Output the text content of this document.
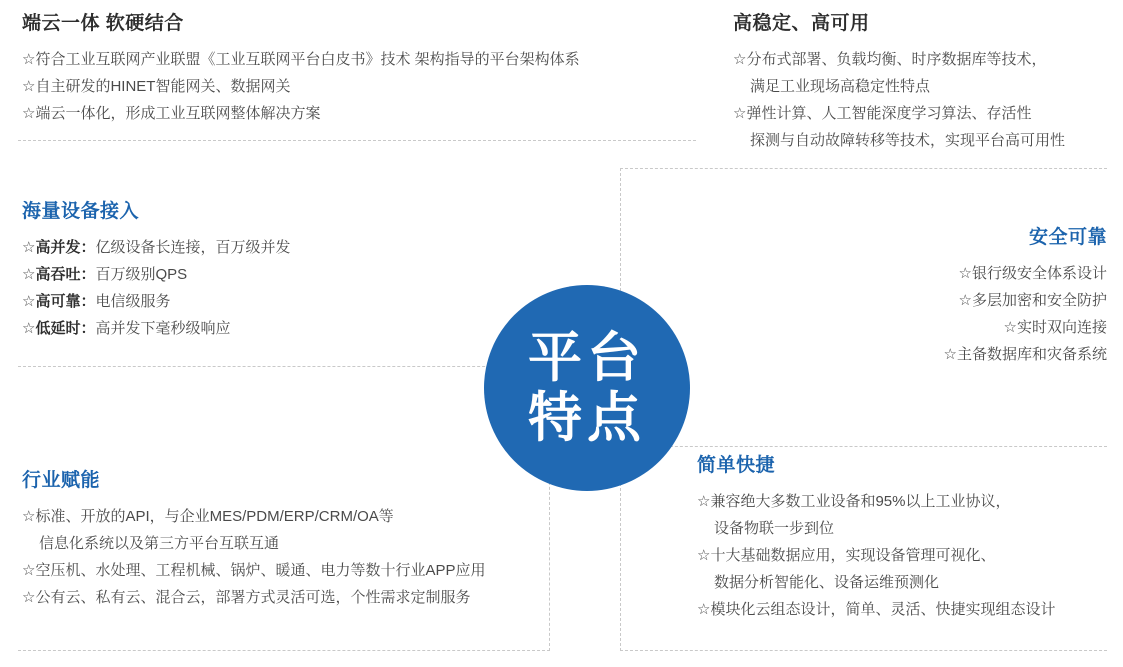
平台
特点
端云一体 软硬结合
☆符合工业互联网产业联盟《工业互联网平台白皮书》技术 架构指导的平台架构体系
☆自主研发的HINET智能网关、数据网关
☆端云一体化，形成工业互联网整体解决方案
高稳定、高可用
☆分布式部署、负载均衡、时序数据库等技术，
满足工业现场高稳定性特点
☆弹性计算、人工智能深度学习算法、存活性
探测与自动故障转移等技术，实现平台高可用性
海量设备接入
☆高并发：亿级设备长连接，百万级并发
☆高吞吐：百万级别QPS
☆高可靠：电信级服务
☆低延时：高并发下毫秒级响应
安全可靠
☆银行级安全体系设计
☆多层加密和安全防护
☆实时双向连接
☆主备数据库和灾备系统
行业赋能
☆标准、开放的API，与企业MES/PDM/ERP/CRM/OA等
信息化系统以及第三方平台互联互通
☆空压机、水处理、工程机械、锅炉、暖通、电力等数十行业APP应用
☆公有云、私有云、混合云，部署方式灵活可选，个性需求定制服务
简单快捷
☆兼容绝大多数工业设备和95%以上工业协议，
设备物联一步到位
☆十大基础数据应用，实现设备管理可视化、
数据分析智能化、设备运维预测化
☆模块化云组态设计，简单、灵活、快捷实现组态设计
